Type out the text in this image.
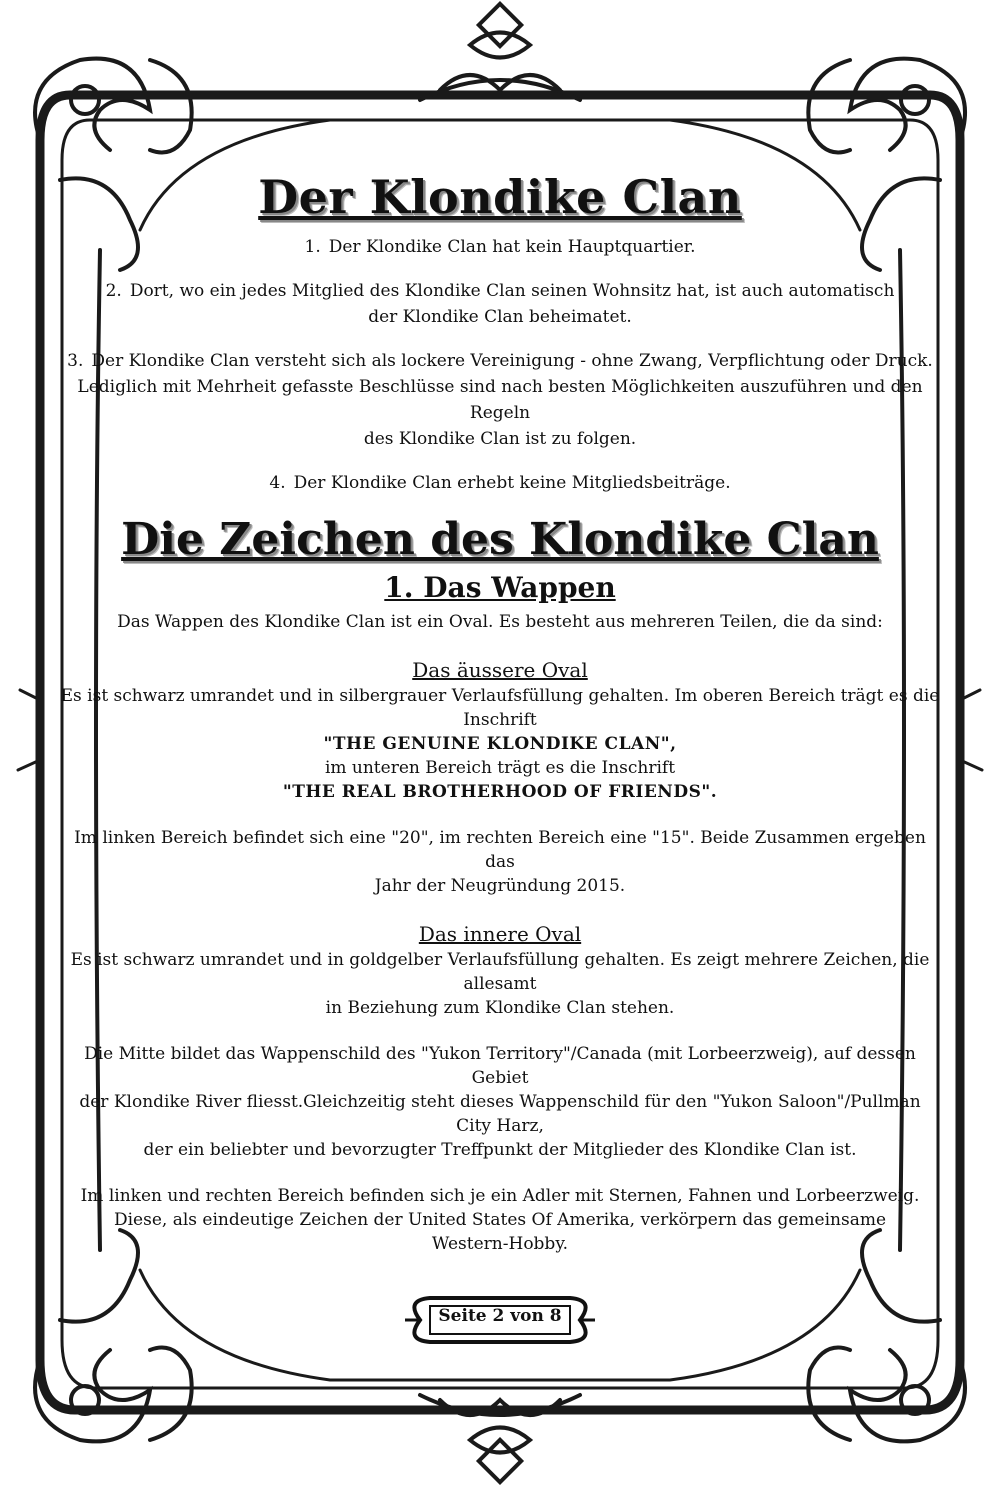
Der Klondike Clan
1. Der Klondike Clan hat kein Hauptquartier.
2. Dort, wo ein jedes Mitglied des Klondike Clan seinen Wohnsitz hat, ist auch automatisch
der Klondike Clan beheimatet.
3. Der Klondike Clan versteht sich als lockere Vereinigung - ohne Zwang, Verpflichtung oder Druck.
Lediglich mit Mehrheit gefasste Beschlüsse sind nach besten Möglichkeiten auszuführen und den Regeln
des Klondike Clan ist zu folgen.
4. Der Klondike Clan erhebt keine Mitgliedsbeiträge.
Die Zeichen des Klondike Clan
1. Das Wappen
Das Wappen des Klondike Clan ist ein Oval. Es besteht aus mehreren Teilen, die da sind:
Das äussere Oval
Es ist schwarz umrandet und in silbergrauer Verlaufsfüllung gehalten. Im oberen Bereich trägt es die Inschrift
"THE GENUINE KLONDIKE CLAN",
im unteren Bereich trägt es die Inschrift
"THE REAL BROTHERHOOD OF FRIENDS".
Im linken Bereich befindet sich eine "20", im rechten Bereich eine "15". Beide Zusammen ergeben das
Jahr der Neugründung 2015.
Das innere Oval
Es ist schwarz umrandet und in goldgelber Verlaufsfüllung gehalten. Es zeigt mehrere Zeichen, die allesamt
in Beziehung zum Klondike Clan stehen.
Die Mitte bildet das Wappenschild des "Yukon Territory"/Canada (mit Lorbeerzweig), auf dessen Gebiet
der Klondike River fliesst.Gleichzeitig steht dieses Wappenschild für den "Yukon Saloon"/Pullman City Harz,
der ein beliebter und bevorzugter Treffpunkt der Mitglieder des Klondike Clan ist.
Im linken und rechten Bereich befinden sich je ein Adler mit Sternen, Fahnen und Lorbeerzweig.
Diese, als eindeutige Zeichen der United States Of Amerika, verkörpern das gemeinsame
Western-Hobby.
Seite 2 von 8
